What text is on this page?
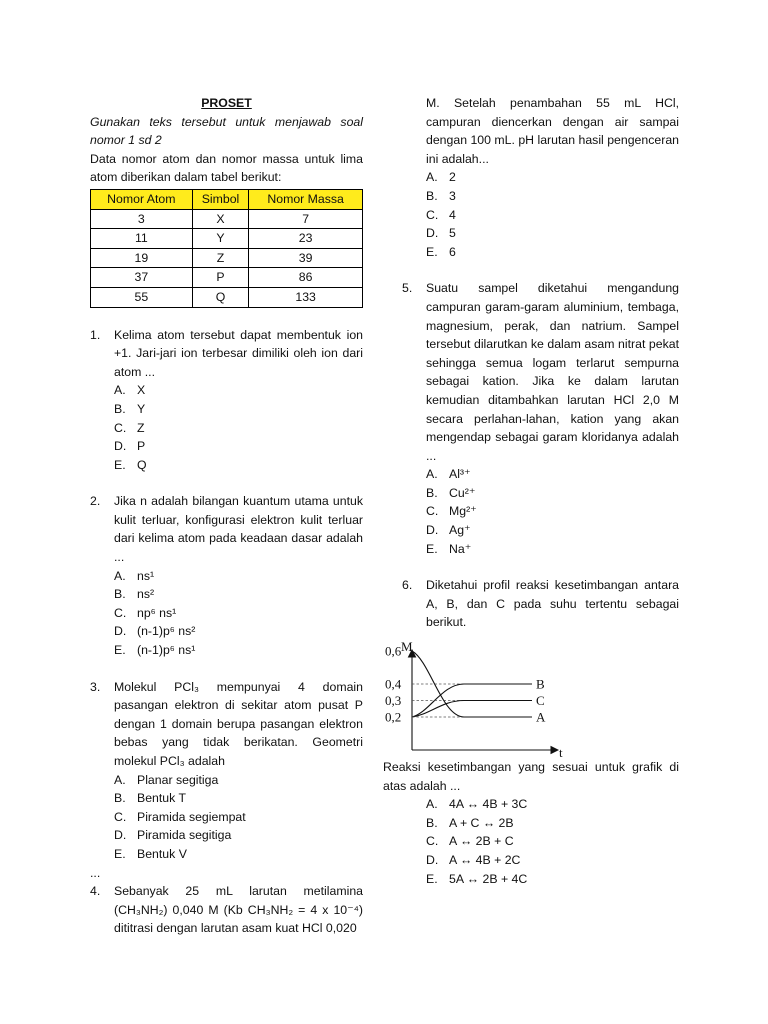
PROSET
Gunakan teks tersebut untuk menjawab soal nomor 1 sd 2
Data nomor atom dan nomor massa untuk lima atom diberikan dalam tabel berikut:
Nomor Atom	Simbol	Nomor Massa
3	X	7
11	Y	23
19	Z	39
37	P	86
55	Q	133
1. Kelima atom tersebut dapat membentuk ion +1. Jari-jari ion terbesar dimiliki oleh ion dari atom ...
A. X
B. Y
C. Z
D. P
E. Q
2. Jika n adalah bilangan kuantum utama untuk kulit terluar, konfigurasi elektron kulit terluar dari kelima atom pada keadaan dasar adalah ...
A. ns¹
B. ns²
C. np⁶ ns¹
D. (n-1)p⁶ ns²
E. (n-1)p⁶ ns¹
3. Molekul PCl₃ mempunyai 4 domain pasangan elektron di sekitar atom pusat P dengan 1 domain berupa pasangan elektron bebas yang tidak berikatan. Geometri molekul PCl₃ adalah
A. Planar segitiga
B. Bentuk T
C. Piramida segiempat
D. Piramida segitiga
E. Bentuk V
...
4. Sebanyak 25 mL larutan metilamina (CH₃NH₂) 0,040 M (Kb CH₃NH₂ = 4 x 10⁻⁴) dititrasi dengan larutan asam kuat HCl 0,020
M. Setelah penambahan 55 mL HCl, campuran diencerkan dengan air sampai dengan 100 mL. pH larutan hasil pengenceran ini adalah...
A. 2
B. 3
C. 4
D. 5
E. 6
5. Suatu sampel diketahui mengandung campuran garam-garam aluminium, tembaga, magnesium, perak, dan natrium. Sampel tersebut dilarutkan ke dalam asam nitrat pekat sehingga semua logam terlarut sempurna sebagai kation. Jika ke dalam larutan kemudian ditambahkan larutan HCl 2,0 M secara perlahan-lahan, kation yang akan mengendap sebagai garam kloridanya adalah ...
A. Al³⁺
B. Cu²⁺
C. Mg²⁺
D. Ag⁺
E. Na⁺
6. Diketahui profil reaksi kesetimbangan antara A, B, dan C pada suhu tertentu sebagai berikut.
M
t
0,6
0,4
0,3
0,2
B
C
A
Reaksi kesetimbangan yang sesuai untuk grafik di atas adalah ...
A. 4A ↔ 4B + 3C
B. A + C ↔ 2B
C. A ↔ 2B + C
D. A ↔ 4B + 2C
E. 5A ↔ 2B + 4C
